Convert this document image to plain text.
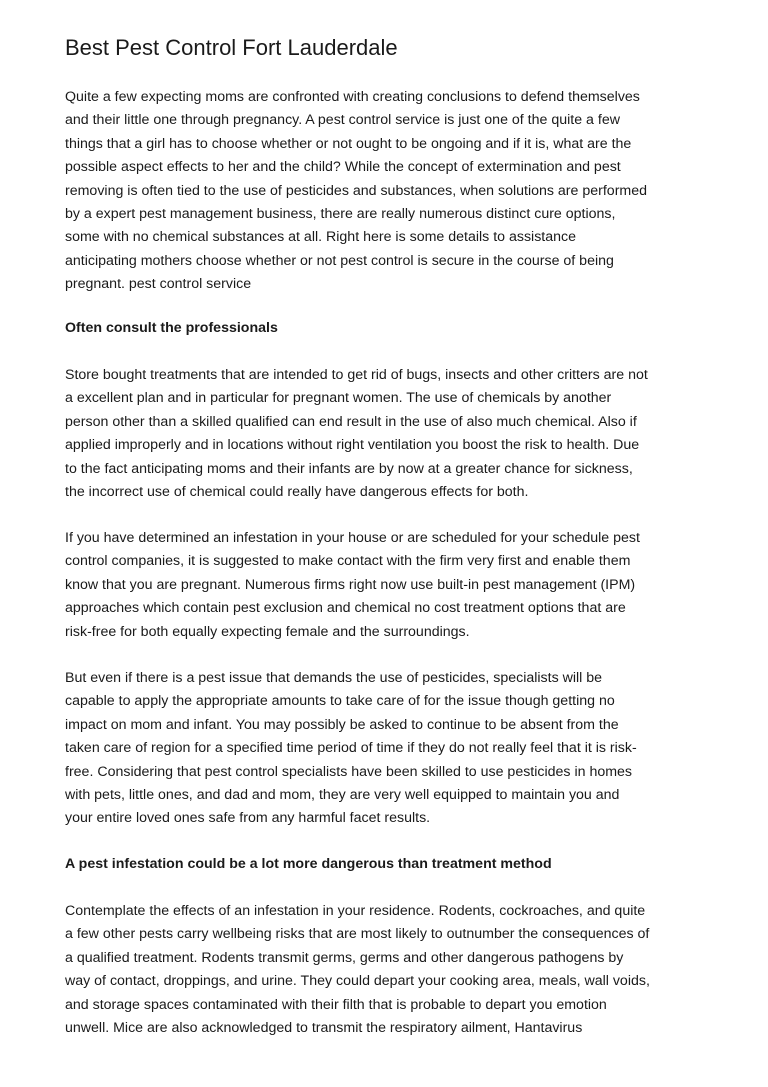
Best Pest Control Fort Lauderdale

Quite a few expecting moms are confronted with creating conclusions to defend themselves
and their little one through pregnancy. A pest control service is just one of the quite a few
things that a girl has to choose whether or not ought to be ongoing and if it is, what are the
possible aspect effects to her and the child? While the concept of extermination and pest
removing is often tied to the use of pesticides and substances, when solutions are performed
by a expert pest management business, there are really numerous distinct cure options,
some with no chemical substances at all. Right here is some details to assistance
anticipating mothers choose whether or not pest control is secure in the course of being
pregnant. pest control service

Often consult the professionals

Store bought treatments that are intended to get rid of bugs, insects and other critters are not
a excellent plan and in particular for pregnant women. The use of chemicals by another
person other than a skilled qualified can end result in the use of also much chemical. Also if
applied improperly and in locations without right ventilation you boost the risk to health. Due
to the fact anticipating moms and their infants are by now at a greater chance for sickness,
the incorrect use of chemical could really have dangerous effects for both.

If you have determined an infestation in your house or are scheduled for your schedule pest
control companies, it is suggested to make contact with the firm very first and enable them
know that you are pregnant. Numerous firms right now use built-in pest management (IPM)
approaches which contain pest exclusion and chemical no cost treatment options that are
risk-free for both equally expecting female and the surroundings.

But even if there is a pest issue that demands the use of pesticides, specialists will be
capable to apply the appropriate amounts to take care of for the issue though getting no
impact on mom and infant. You may possibly be asked to continue to be absent from the
taken care of region for a specified time period of time if they do not really feel that it is risk-
free. Considering that pest control specialists have been skilled to use pesticides in homes
with pets, little ones, and dad and mom, they are very well equipped to maintain you and
your entire loved ones safe from any harmful facet results.

A pest infestation could be a lot more dangerous than treatment method

Contemplate the effects of an infestation in your residence. Rodents, cockroaches, and quite
a few other pests carry wellbeing risks that are most likely to outnumber the consequences of
a qualified treatment. Rodents transmit germs, germs and other dangerous pathogens by
way of contact, droppings, and urine. They could depart your cooking area, meals, wall voids,
and storage spaces contaminated with their filth that is probable to depart you emotion
unwell. Mice are also acknowledged to transmit the respiratory ailment, Hantavirus
